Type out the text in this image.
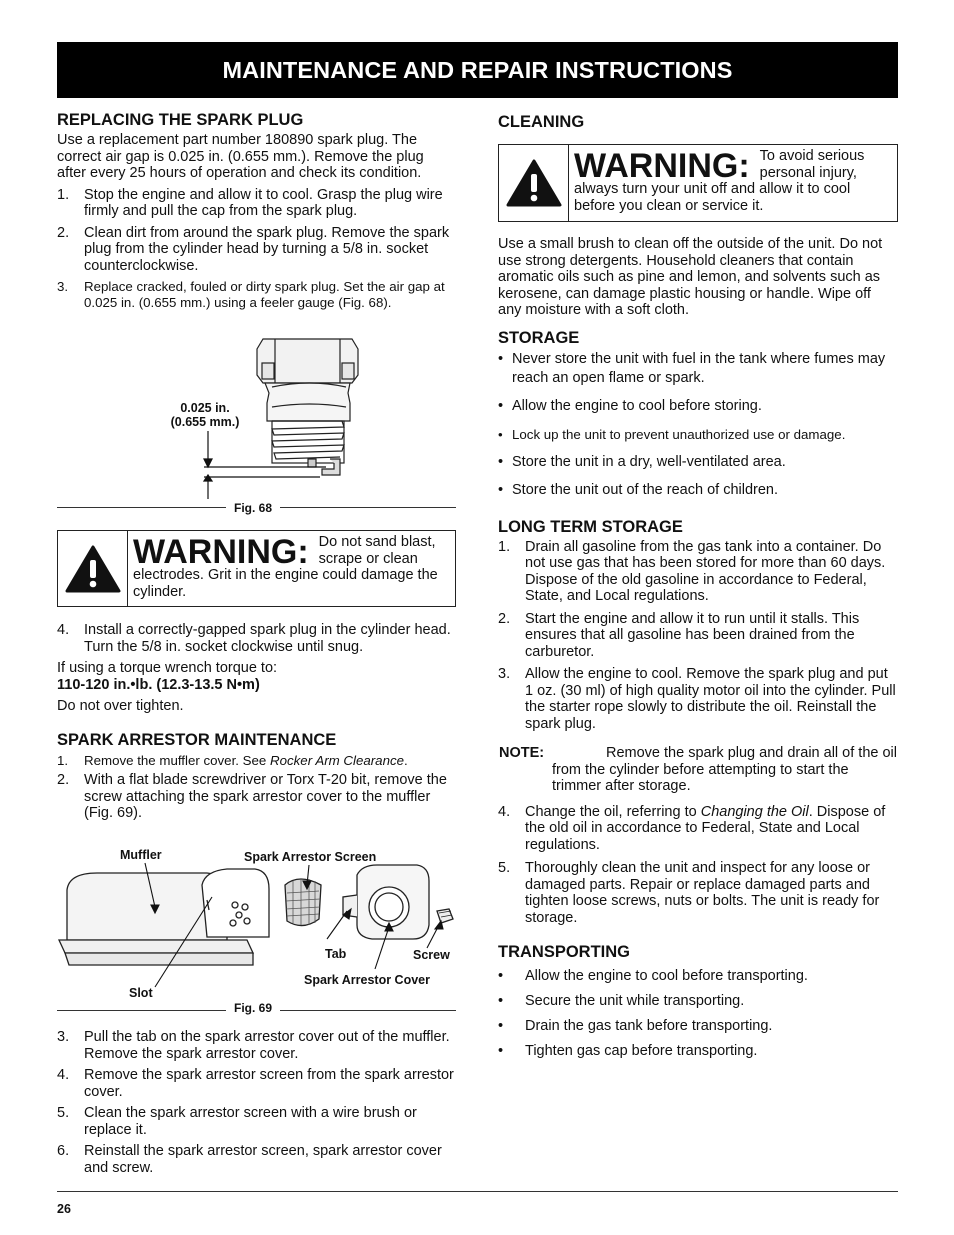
MAINTENANCE AND REPAIR INSTRUCTIONS
REPLACING THE SPARK PLUG

Use a replacement part number 180890 spark plug. The correct air gap is 0.025 in. (0.655 mm.). Remove the plug after every 25 hours of operation and check its condition.

1.	Stop the engine and allow it to cool. Grasp the plug wire firmly and pull the cap from the spark plug.
2.	Clean dirt from around the spark plug. Remove the spark plug from the cylinder head by turning a 5/8 in. socket counterclockwise.
3.	Replace cracked, fouled or dirty spark plug. Set the air gap at 0.025 in. (0.655 mm.) using a feeler gauge (Fig. 68).
0.025 in.
(0.655 mm.)
Fig. 68
WARNING: Do not sand blast, scrape or clean electrodes. Grit in the engine could damage the cylinder.
4.	Install a correctly-gapped spark plug in the cylinder head. Turn the 5/8 in. socket clockwise until snug.

If using a torque wrench torque to:

110-120 in.•lb. (12.3-13.5 N•m)

Do not over tighten.

SPARK ARRESTOR MAINTENANCE
1.	Remove the muffler cover. See Rocker Arm Clearance.
2.	With a flat blade screwdriver or Torx T-20 bit, remove the screw attaching the spark arrestor cover to the muffler (Fig. 69).
Muffler	Spark Arrestor Screen
Tab	Screw
Spark Arrestor Cover
Slot
Fig. 69
3.	Pull the tab on the spark arrestor cover out of the muffler. Remove the spark arrestor cover.
4.	Remove the spark arrestor screen from the spark arrestor cover.
5.	Clean the spark arrestor screen with a wire brush or replace it.
6.	Reinstall the spark arrestor screen, spark arrestor cover and screw.
CLEANING
WARNING: To avoid serious personal injury, always turn your unit off and allow it to cool before you clean or service it.

Use a small brush to clean off the outside of the unit. Do not use strong detergents. Household cleaners that contain aromatic oils such as pine and lemon, and solvents such as kerosene, can damage plastic housing or handle. Wipe off any moisture with a soft cloth.

STORAGE
• Never store the unit with fuel in the tank where fumes may reach an open flame or spark.
• Allow the engine to cool before storing.
• Lock up the unit to prevent unauthorized use or damage.
• Store the unit in a dry, well-ventilated area.
• Store the unit out of the reach of children.
LONG TERM STORAGE
1.	Drain all gasoline from the gas tank into a container. Do not use gas that has been stored for more than 60 days. Dispose of the old gasoline in accordance to Federal, State, and Local regulations.
2.	Start the engine and allow it to run until it stalls. This ensures that all gasoline has been drained from the carburetor.
3.	Allow the engine to cool. Remove the spark plug and put 1 oz. (30 ml) of high quality motor oil into the cylinder. Pull the starter rope slowly to distribute the oil. Reinstall the spark plug.
NOTE:	Remove the spark plug and drain all of the oil from the cylinder before attempting to start the trimmer after storage.
4.	Change the oil, referring to Changing the Oil. Dispose of the old oil in accordance to Federal, State and Local regulations.
5.	Thoroughly clean the unit and inspect for any loose or damaged parts. Repair or replace damaged parts and tighten loose screws, nuts or bolts. The unit is ready for storage.
TRANSPORTING
•	Allow the engine to cool before transporting.
•	Secure the unit while transporting.
•	Drain the gas tank before transporting.
•	Tighten gas cap before transporting.
26
